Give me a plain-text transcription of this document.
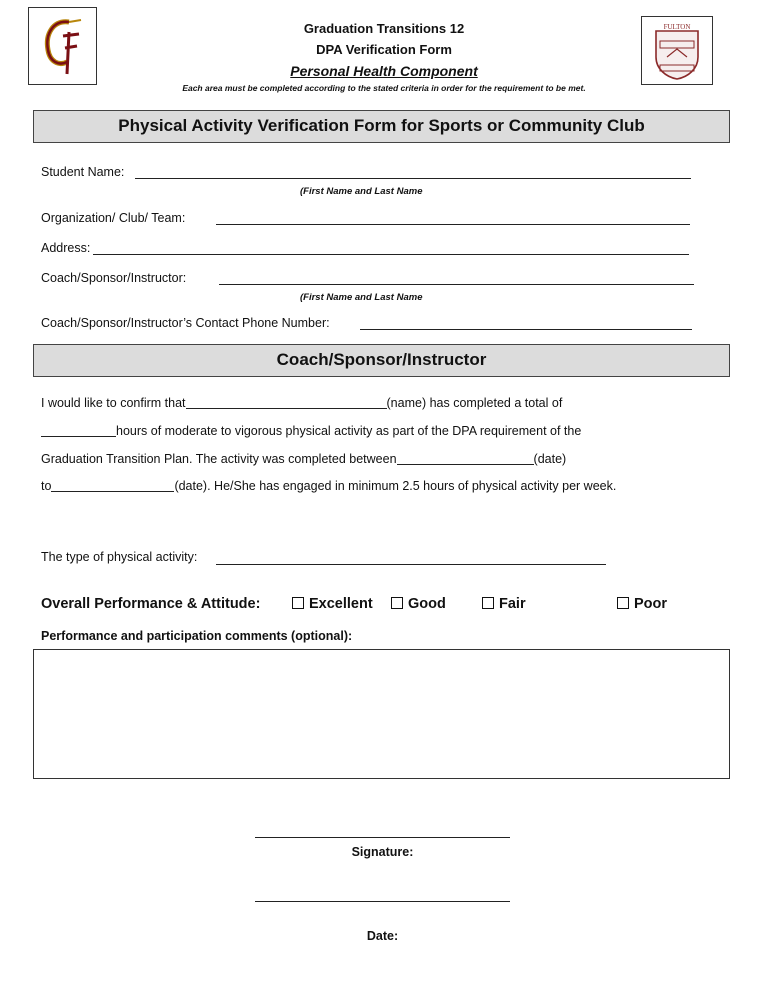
FULTON
Graduation Transitions 12
DPA Verification Form
Personal Health Component
Each area must be completed according to the stated criteria in order for the requirement to be met.
Physical Activity Verification Form for Sports or Community Club
Student Name:
(First Name and Last Name
Organization/ Club/ Team:
Address:
Coach/Sponsor/Instructor:
(First Name and Last Name
Coach/Sponsor/Instructor’s Contact Phone Number:
Coach/Sponsor/Instructor
I would like to confirm that	(name) has completed a total of
hours of moderate to vigorous physical activity as part of the DPA requirement of the
Graduation Transition Plan. The activity was completed between	(date)
to	(date). He/She has engaged in minimum 2.5 hours of physical activity per week.
The type of physical activity:
Overall Performance & Attitude:	Excellent	Good	Fair	Poor
Performance and participation comments (optional):
Signature:
Date:
